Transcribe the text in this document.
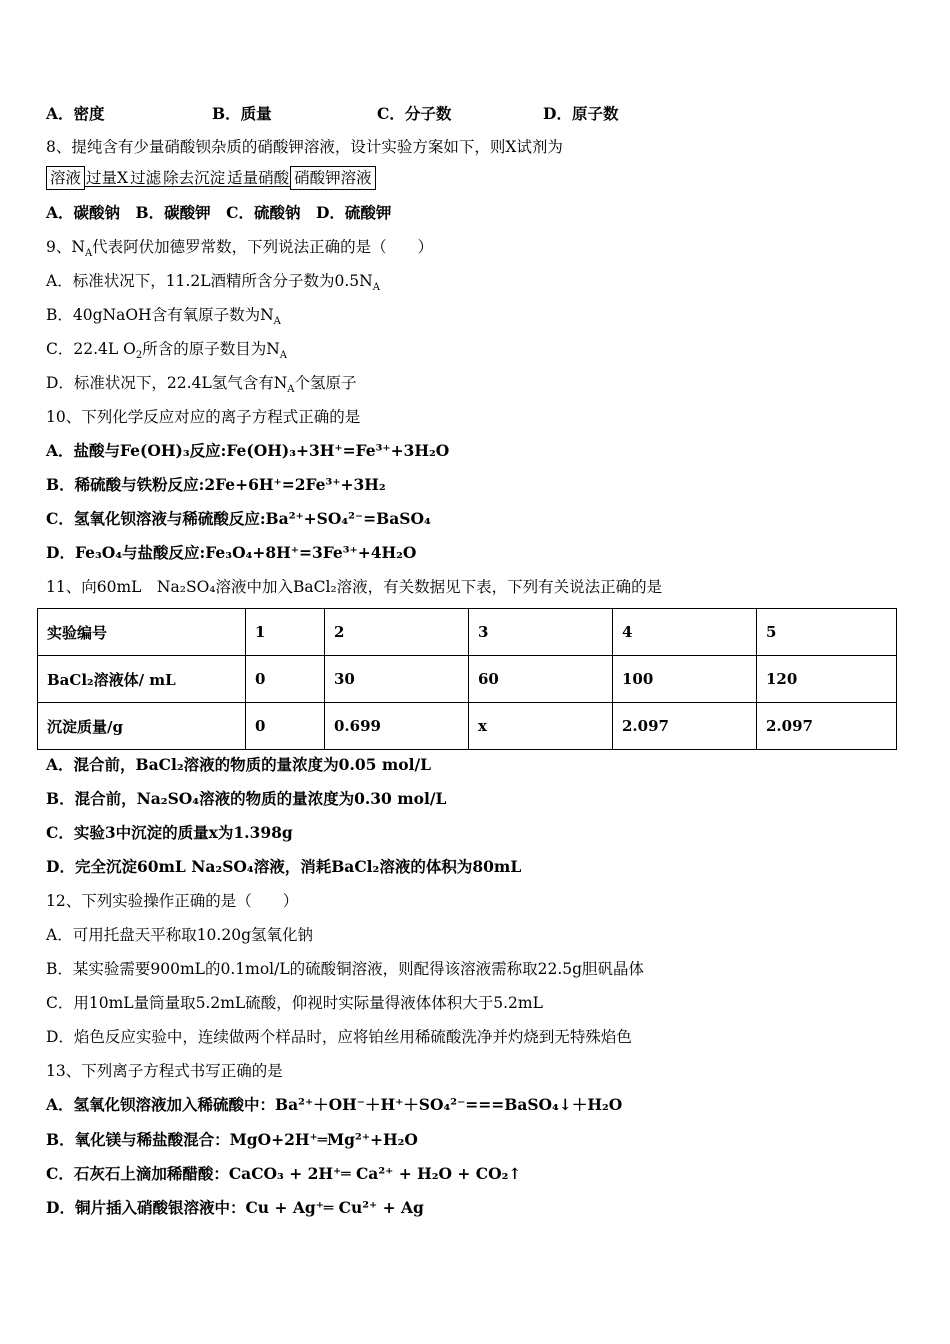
A．密度	B．质量	C．分子数	D．原子数
8、提纯含有少量硝酸钡杂质的硝酸钾溶液，设计实验方案如下，则X试剂为
溶液 过量X 过滤 除去沉淀 适量硝酸 硝酸钾溶液
A．碳酸钠　B．碳酸钾　C．硫酸钠　D．硫酸钾
9、$N_A$代表阿伏加德罗常数，下列说法正确的是（　　）
A．标准状况下，11.2L酒精所含分子数为$0.5N_A$
B．40gNaOH含有氧原子数为$N_A$
C．22.4L $O_2$所含的原子数目为$N_A$
D．标准状况下，22.4L氢气含有$N_A$个氢原子
10、下列化学反应对应的离子方程式正确的是
A．盐酸与Fe(OH)₃反应:Fe(OH)₃+3H⁺=Fe³⁺+3H₂O
B．稀硫酸与铁粉反应:2Fe+6H⁺=2Fe³⁺+3H₂
C．氢氧化钡溶液与稀硫酸反应:Ba²⁺+SO₄²⁻=BaSO₄
D．Fe₃O₄与盐酸反应:Fe₃O₄+8H⁺=3Fe³⁺+4H₂O
11、向60mL　Na₂SO₄溶液中加入BaCl₂溶液，有关数据见下表，下列有关说法正确的是
实验编号	1	2	3	4	5
BaCl₂溶液体/ mL	0	30	60	100	120
沉淀质量/g	0	0.699	x	2.097	2.097
A．混合前，BaCl₂溶液的物质的量浓度为0.05 mol/L
B．混合前，Na₂SO₄溶液的物质的量浓度为0.30 mol/L
C．实验3中沉淀的质量x为1.398g
D．完全沉淀60mL Na₂SO₄溶液，消耗BaCl₂溶液的体积为80mL
12、下列实验操作正确的是（　　）
A．可用托盘天平称取10.20g氢氧化钠
B．某实验需要900mL的0.1mol/L的硫酸铜溶液，则配得该溶液需称取22.5g胆矾晶体
C．用10mL量筒量取5.2mL硫酸，仰视时实际量得液体体积大于5.2mL
D．焰色反应实验中，连续做两个样品时，应将铂丝用稀硫酸洗净并灼烧到无特殊焰色
13、下列离子方程式书写正确的是
A．氢氧化钡溶液加入稀硫酸中：Ba²⁺＋OH⁻＋H⁺＋SO₄²⁻===BaSO₄↓＋H₂O
B．氧化镁与稀盐酸混合：MgO+2H⁺═Mg²⁺+H₂O
C．石灰石上滴加稀醋酸：CaCO₃ + 2H⁺═ Ca²⁺ + H₂O + CO₂↑
D．铜片插入硝酸银溶液中：Cu + Ag⁺═ Cu²⁺ + Ag
